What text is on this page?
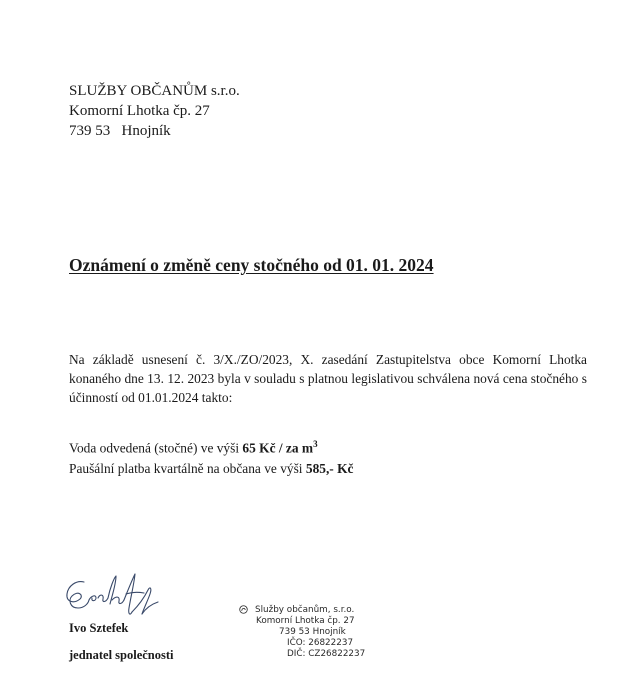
SLUŽBY OBČANŮM s.r.o.
Komorní Lhotka čp. 27
739 53 Hnojník
Oznámení o změně ceny stočného od 01. 01. 2024
Na základě usnesení č. 3/X./ZO/2023, X. zasedání Zastupitelstva obce Komorní Lhotka konaného dne 13. 12. 2023 byla v souladu s platnou legislativou schválena nová cena stočného s účinností od 01.01.2024 takto:
Voda odvedená (stočné) ve výši 65 Kč / za $m^3$
Paušální platba kvartálně na občana ve výši 585,- Kč
Ivo Sztefek
jednatel společnosti
Služby občanům, s.r.o.
Komorní Lhotka čp. 27
739 53 Hnojník
IČO: 26822237
DIČ: CZ26822237
